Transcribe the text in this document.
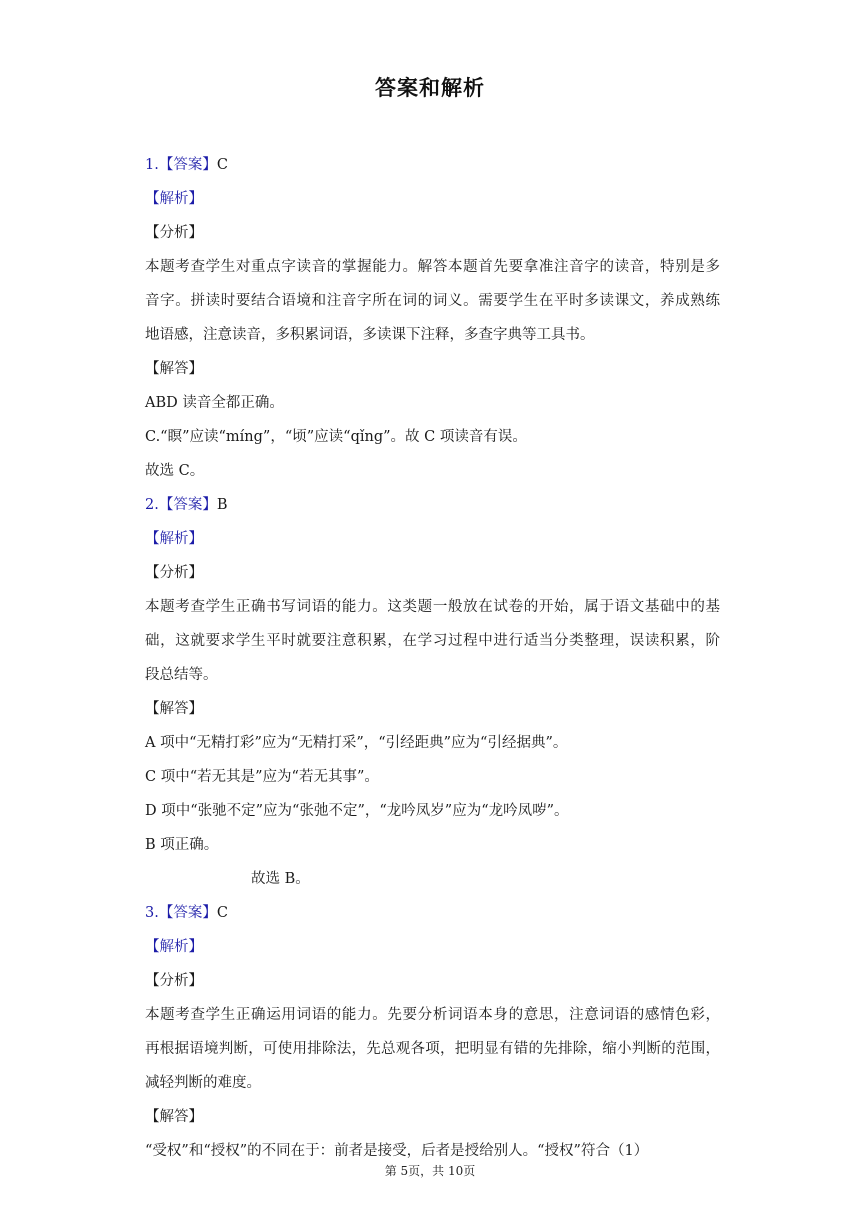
答案和解析
1.【答案】C
【解析】
【分析】
本题考查学生对重点字读音的掌握能力。解答本题首先要拿准注音字的读音，特别是多
音字。拼读时要结合语境和注音字所在词的词义。需要学生在平时多读课文，养成熟练
地语感，注意读音，多积累词语，多读课下注释，多查字典等工具书。
【解答】
ABD 读音全都正确。
C.“瞑”应读“míng”，“顷”应读“qǐng”。故 C 项读音有误。
故选 C。
2.【答案】B
【解析】
【分析】
本题考查学生正确书写词语的能力。这类题一般放在试卷的开始，属于语文基础中的基
础，这就要求学生平时就要注意积累，在学习过程中进行适当分类整理，误读积累，阶
段总结等。
【解答】
A 项中“无精打彩”应为“无精打采”，“引经距典”应为“引经据典”。
C 项中“若无其是”应为“若无其事”。
D 项中“张驰不定”应为“张弛不定”，“龙吟凤岁”应为“龙吟凤哕”。
B 项正确。
故选 B。
3.【答案】C
【解析】
【分析】
本题考查学生正确运用词语的能力。先要分析词语本身的意思，注意词语的感情色彩，
再根据语境判断，可使用排除法，先总观各项，把明显有错的先排除，缩小判断的范围，
减轻判断的难度。
【解答】
“受权”和“授权”的不同在于：前者是接受，后者是授给别人。“授权”符合（1）
第 5页，共 10页
